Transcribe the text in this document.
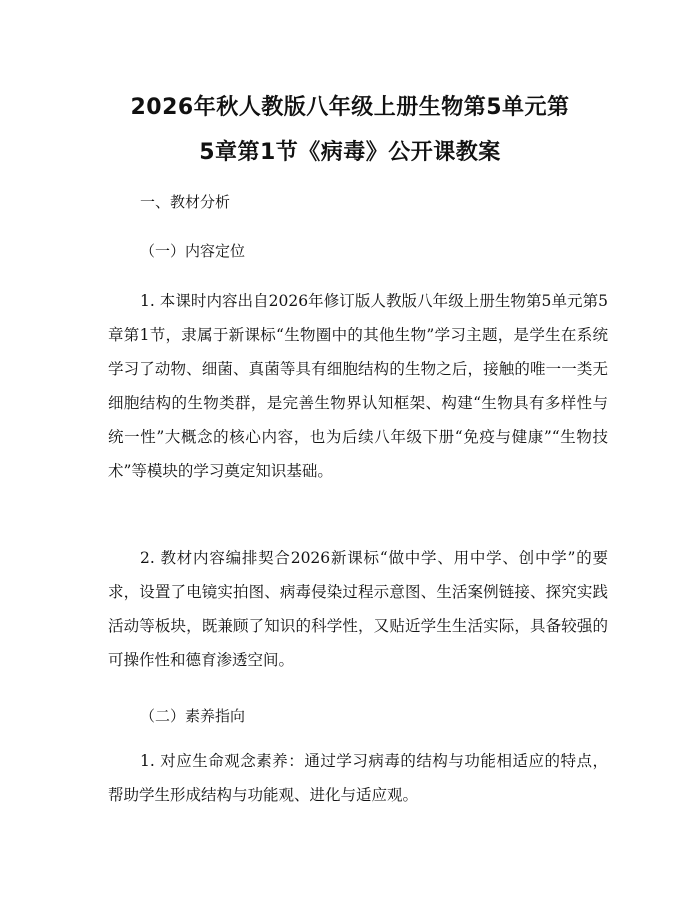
2026年秋人教版八年级上册生物第5单元第
5章第1节《病毒》公开课教案
一、教材分析
（一）内容定位

1. 本课时内容出自2026年修订版人教版八年级上册生物第5单元第5章第1节，隶属于新课标“生物圈中的其他生物”学习主题，是学生在系统学习了动物、细菌、真菌等具有细胞结构的生物之后，接触的唯一一类无细胞结构的生物类群，是完善生物界认知框架、构建“生物具有多样性与统一性”大概念的核心内容，也为后续八年级下册“免疫与健康”“生物技术”等模块的学习奠定知识基础。

2. 教材内容编排契合2026新课标“做中学、用中学、创中学”的要求，设置了电镜实拍图、病毒侵染过程示意图、生活案例链接、探究实践活动等板块，既兼顾了知识的科学性，又贴近学生生活实际，具备较强的可操作性和德育渗透空间。

（二）素养指向

1. 对应生命观念素养：通过学习病毒的结构与功能相适应的特点，帮助学生形成结构与功能观、进化与适应观。
